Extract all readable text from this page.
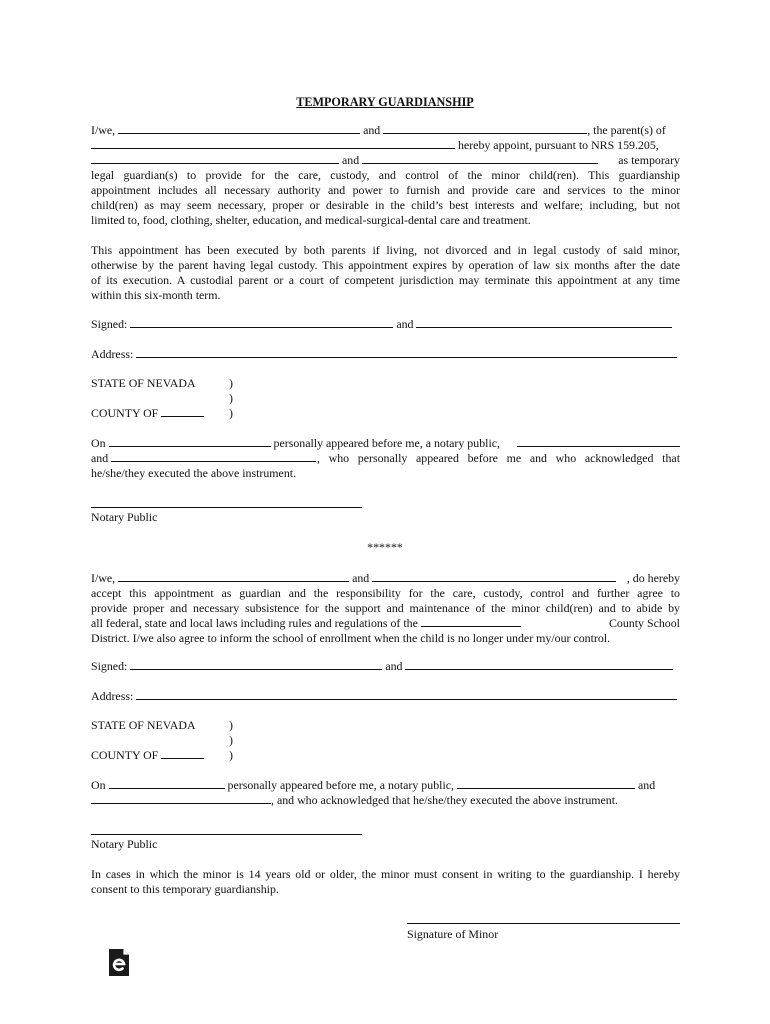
TEMPORARY GUARDIANSHIP
I/we,	and	, the parent(s) of
hereby appoint, pursuant to NRS 159.205,
and	as temporary
legal guardian(s) to provide for the care, custody, and control of the minor child(ren). This guardianship
appointment includes all necessary authority and power to furnish and provide care and services to the minor
child(ren) as may seem necessary, proper or desirable in the child’s best interests and welfare; including, but not
limited to, food, clothing, shelter, education, and medical-surgical-dental care and treatment.
This appointment has been executed by both parents if living, not divorced and in legal custody of said minor,
otherwise by the parent having legal custody. This appointment expires by operation of law six months after the date
of its execution. A custodial parent or a court of competent jurisdiction may terminate this appointment at any time
within this six-month term.
Signed:	and
Address:
STATE OF NEVADA	)
)
)
COUNTY OF
On	personally appeared before me, a notary public,
and	, who personally appeared before me and who acknowledged that
he/she/they executed the above instrument.
Notary Public
******
I/we,	and	, do hereby
accept this appointment as guardian and the responsibility for the care, custody, control and further agree to
provide proper and necessary subsistence for the support and maintenance of the minor child(ren) and to abide by
all federal, state and local laws including rules and regulations of the	County School
District. I/we also agree to inform the school of enrollment when the child is no longer under my/our control.
Signed:	and
Address:
STATE OF NEVADA	)
)
)
COUNTY OF
On	personally appeared before me, a notary public,	and
, and who acknowledged that he/she/they executed the above instrument.
Notary Public
In cases in which the minor is 14 years old or older, the minor must consent in writing to the guardianship. I hereby
consent to this temporary guardianship.
Signature of Minor
